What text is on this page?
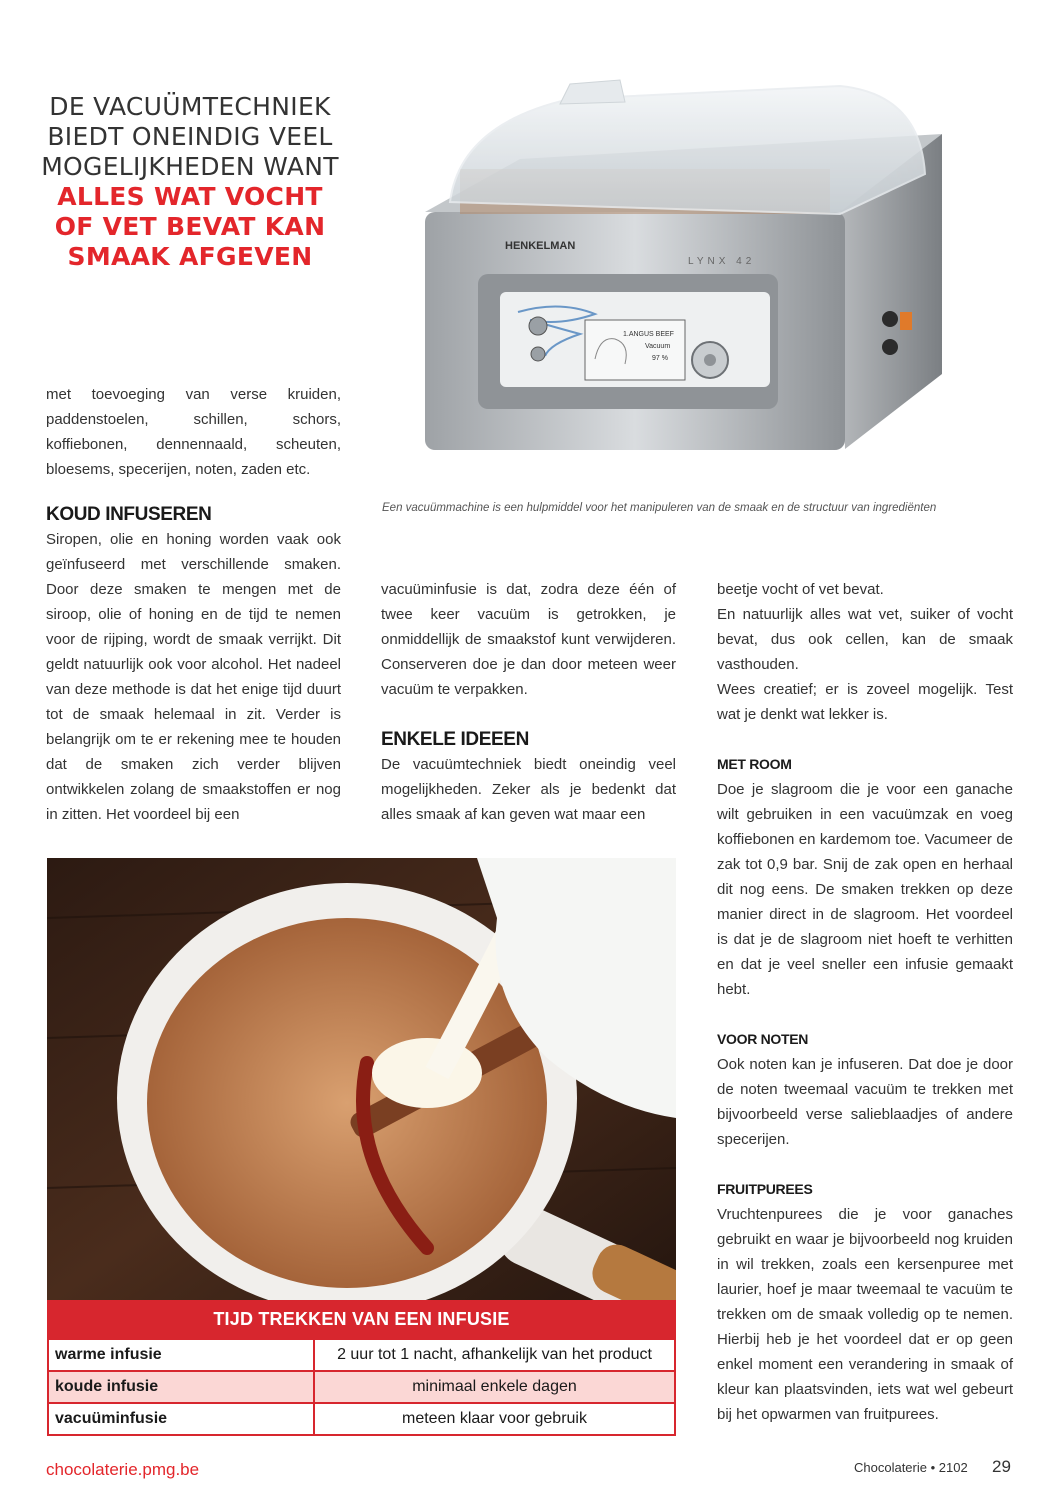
DE VACUÜMTECHNIEK
BIEDT ONEINDIG VEEL
MOGELIJKHEDEN WANT
ALLES WAT VOCHT
OF VET BEVAT KAN
SMAAK AFGEVEN	HENKELMAN
LYNX 42
1.ANGUS BEEF
Vacuum
97 %
Een vacuümmachine is een hulpmiddel voor het manipuleren van de smaak en de structuur van ingrediënten

met toevoeging van verse kruiden, paddenstoelen, schillen, schors, koffiebonen, dennennaald, scheuten, bloesems, specerijen, noten, zaden etc.

KOUD INFUSEREN

Siropen, olie en honing worden vaak ook geïnfuseerd met verschillende smaken. Door deze smaken te mengen met de siroop, olie of honing en de tijd te nemen voor de rijping, wordt de smaak verrijkt. Dit geldt natuurlijk ook voor alcohol. Het nadeel van deze methode is dat het enige tijd duurt tot de smaak helemaal in zit. Verder is belangrijk om te er rekening mee te houden dat de smaken zich verder blijven ontwikkelen zolang de smaakstoffen er nog in zitten. Het voordeel bij een

vacuüminfusie is dat, zodra deze één of twee keer vacuüm is getrokken, je onmiddellijk de smaakstof kunt verwijderen. Conserveren doe je dan door meteen weer vacuüm te verpakken.

ENKELE IDEEEN

De vacuümtechniek biedt oneindig veel mogelijkheden. Zeker als je bedenkt dat alles smaak af kan geven wat maar een

beetje vocht of vet bevat.

En natuurlijk alles wat vet, suiker of vocht bevat, dus ook cellen, kan de smaak vasthouden.

Wees creatief; er is zoveel mogelijk. Test wat je denkt wat lekker is.

MET ROOM

Doe je slagroom die je voor een ganache wilt gebruiken in een vacuümzak en voeg koffiebonen en kardemom toe. Vacumeer de zak tot 0,9 bar. Snij de zak open en herhaal dit nog eens. De smaken trekken op deze manier direct in de slagroom. Het voordeel is dat je de slagroom niet hoeft te verhitten en dat je veel sneller een infusie gemaakt hebt.

VOOR NOTEN

Ook noten kan je infuseren. Dat doe je door de noten tweemaal vacuüm te trekken met bijvoorbeeld verse salieblaadjes of andere specerijen.

FRUITPUREES

Vruchtenpurees die je voor ganaches gebruikt en waar je bijvoorbeeld nog kruiden in wil trekken, zoals een kersenpuree met laurier, hoef je maar tweemaal te vacuüm te trekken om de smaak volledig op te nemen. Hierbij heb je het voordeel dat er op geen enkel moment een verandering in smaak of kleur kan plaatsvinden, iets wat wel gebeurt bij het opwarmen van fruitpurees.

TIJD TREKKEN VAN EEN INFUSIE
warme infusie	2 uur tot 1 nacht, afhankelijk van het product
koude infusie	minimaal enkele dagen
vacuüminfusie	meteen klaar voor gebruik
chocolaterie.pmg.be	Chocolaterie • 2102 29
